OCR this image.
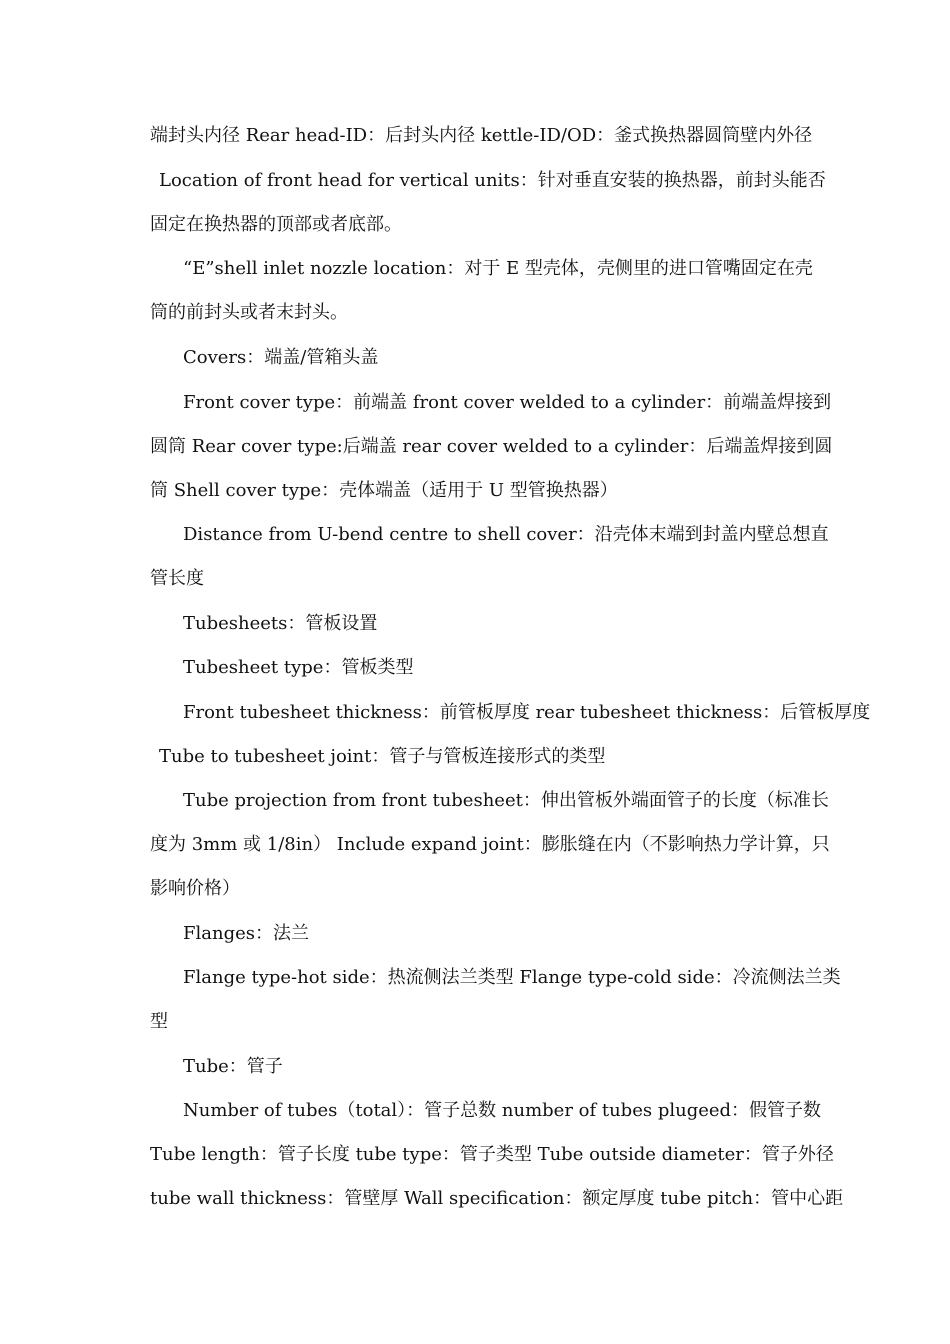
端封头内径 Rear head-ID：后封头内径 kettle-ID/OD：釜式换热器圆筒壁内外径
Location of front head for vertical units：针对垂直安装的换热器，前封头能否
固定在换热器的顶部或者底部。
“E”shell inlet nozzle location：对于 E 型壳体，壳侧里的进口管嘴固定在壳
筒的前封头或者末封头。
Covers：端盖/管箱头盖
Front cover type：前端盖 front cover welded to a cylinder：前端盖焊接到
圆筒 Rear cover type:后端盖 rear cover welded to a cylinder：后端盖焊接到圆
筒 Shell cover type：壳体端盖（适用于 U 型管换热器）
Distance from U-bend centre to shell cover：沿壳体末端到封盖内壁总想直
管长度
Tubesheets：管板设置
Tubesheet type：管板类型
Front tubesheet thickness：前管板厚度 rear tubesheet thickness：后管板厚度
Tube to tubesheet joint：管子与管板连接形式的类型
Tube projection from front tubesheet：伸出管板外端面管子的长度（标准长
度为 3mm 或 1/8in） Include expand joint：膨胀缝在内（不影响热力学计算，只
影响价格）
Flanges：法兰
Flange type-hot side：热流侧法兰类型 Flange type-cold side：冷流侧法兰类
型
Tube：管子
Number of tubes（total）：管子总数 number of tubes plugeed：假管子数
Tube length：管子长度 tube type：管子类型 Tube outside diameter：管子外径
tube wall thickness：管壁厚 Wall specification：额定厚度 tube pitch：管中心距
